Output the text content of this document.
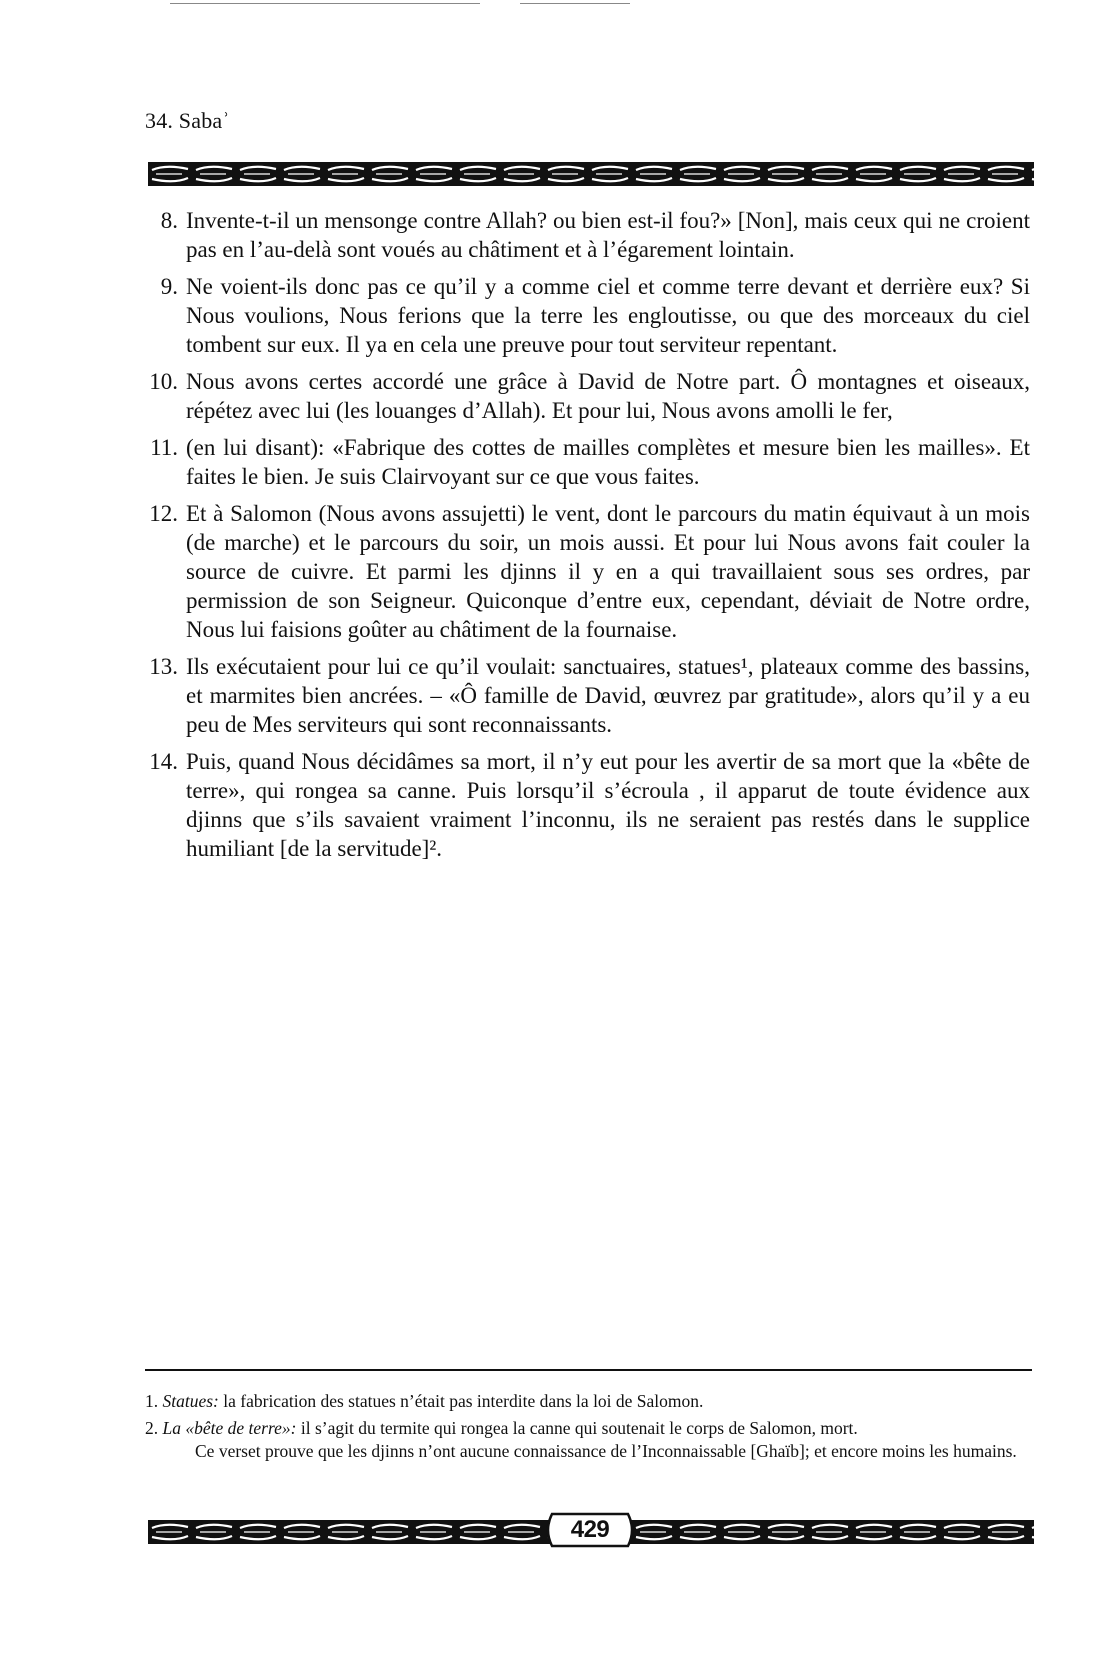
34. Sabaʾ
8. Invente-t-il un mensonge contre Allah? ou bien est-il fou?» [Non], mais ceux qui ne croient pas en l’au-delà sont voués au châtiment et à l’égarement lointain.
9. Ne voient-ils donc pas ce qu’il y a comme ciel et comme terre devant et derrière eux? Si Nous voulions, Nous ferions que la terre les engloutisse, ou que des morceaux du ciel tombent sur eux. Il ya en cela une preuve pour tout serviteur repentant.
10. Nous avons certes accordé une grâce à David de Notre part. Ô montagnes et oiseaux, répétez avec lui (les louanges d’Allah). Et pour lui, Nous avons amolli le fer,
11. (en lui disant): «Fabrique des cottes de mailles complètes et mesure bien les mailles». Et faites le bien. Je suis Clairvoyant sur ce que vous faites.
12. Et à Salomon (Nous avons assujetti) le vent, dont le parcours du matin équivaut à un mois (de marche) et le parcours du soir, un mois aussi. Et pour lui Nous avons fait couler la source de cuivre. Et parmi les djinns il y en a qui travaillaient sous ses ordres, par permission de son Seigneur. Quiconque d’entre eux, cependant, déviait de Notre ordre, Nous lui faisions goûter au châtiment de la fournaise.
13. Ils exécutaient pour lui ce qu’il voulait: sanctuaires, statues¹, plateaux comme des bassins, et marmites bien ancrées. – «Ô famille de David, œuvrez par gratitude», alors qu’il y a eu peu de Mes serviteurs qui sont reconnaissants.
14. Puis, quand Nous décidâmes sa mort, il n’y eut pour les avertir de sa mort que la «bête de terre», qui rongea sa canne. Puis lorsqu’il s’écroula , il apparut de toute évidence aux djinns que s’ils savaient vraiment l’inconnu, ils ne seraient pas restés dans le supplice humiliant [de la servitude]².

1. Statues: la fabrication des statues n’était pas interdite dans la loi de Salomon.

2. La «bête de terre»: il s’agit du termite qui rongea la canne qui soutenait le corps de Salomon, mort.
Ce verset prouve que les djinns n’ont aucune connaissance de l’Inconnaissable [Ghaïb]; et encore moins les humains.

429
